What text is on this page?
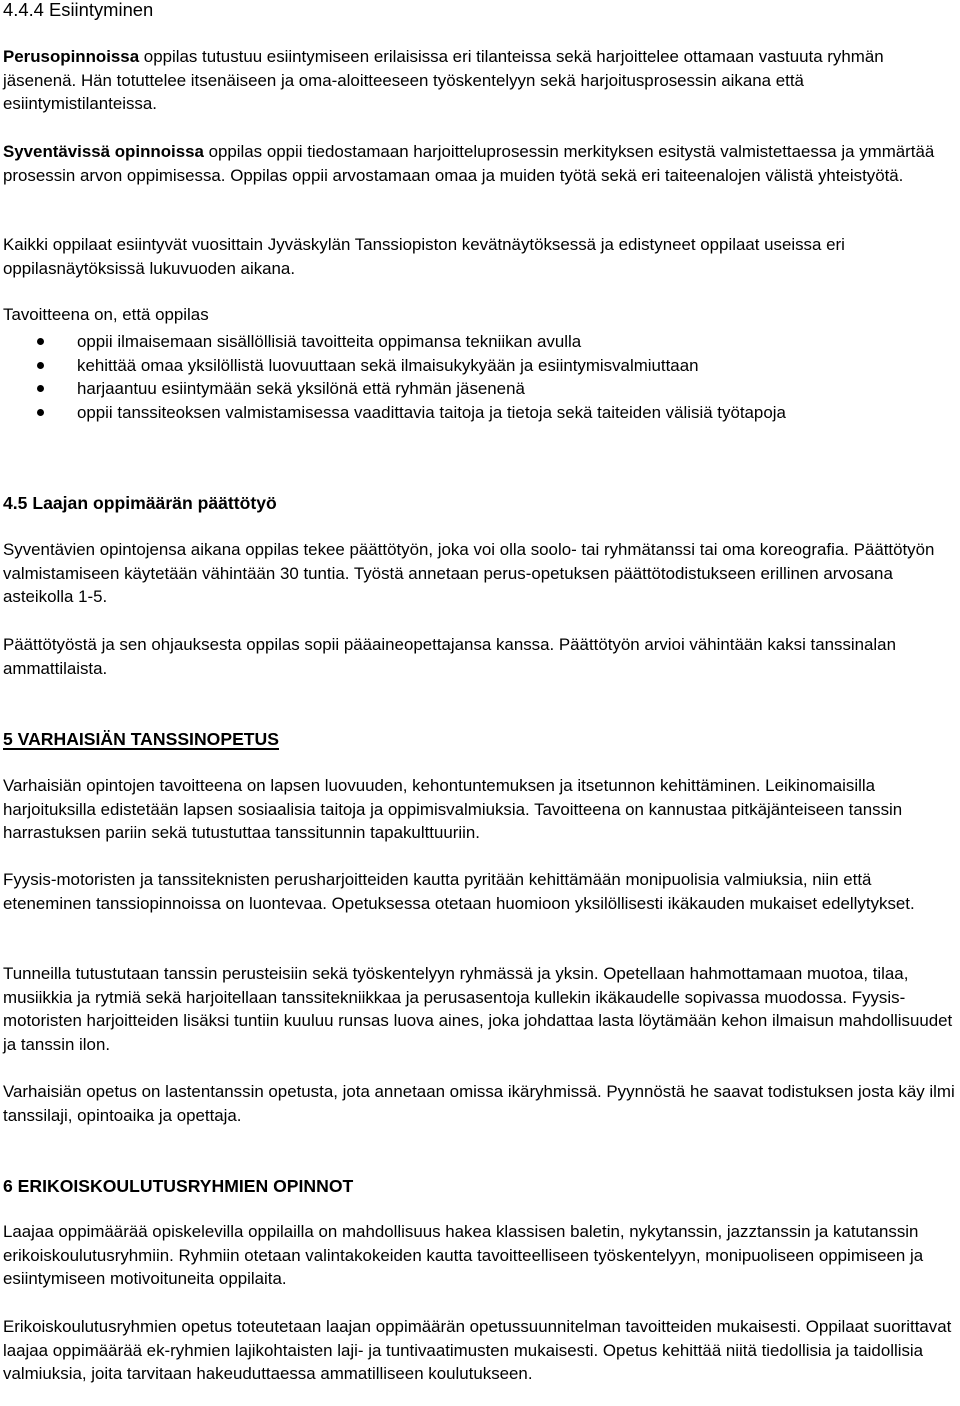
4.4.4 Esiintyminen
Perusopinnoissa oppilas tutustuu esiintymiseen erilaisissa eri tilanteissa sekä harjoittelee ottamaan vastuuta ryhmän jäsenenä. Hän totuttelee itsenäiseen ja oma-aloitteeseen työskentelyyn sekä harjoitusprosessin aikana että esiintymistilanteissa.
Syventävissä opinnoissa oppilas oppii tiedostamaan harjoitteluprosessin merkityksen esitystä valmistettaessa ja ymmärtää prosessin arvon oppimisessa. Oppilas oppii arvostamaan omaa ja muiden työtä sekä eri taiteenalojen välistä yhteistyötä.
Kaikki oppilaat esiintyvät vuosittain Jyväskylän Tanssiopiston kevätnäytöksessä ja edistyneet oppilaat useissa eri oppilasnäytöksissä lukuvuoden aikana.
Tavoitteena on, että oppilas
oppii ilmaisemaan sisällöllisiä tavoitteita oppimansa tekniikan avulla
kehittää omaa yksilöllistä luovuuttaan sekä ilmaisukykyään ja esiintymisvalmiuttaan
harjaantuu esiintymään sekä yksilönä että ryhmän jäsenenä
oppii tanssiteoksen valmistamisessa vaadittavia taitoja ja tietoja sekä taiteiden välisiä työtapoja
4.5 Laajan oppimäärän päättötyö
Syventävien opintojensa aikana oppilas tekee päättötyön, joka voi olla soolo- tai ryhmätanssi tai oma koreografia. Päättötyön valmistamiseen käytetään vähintään 30 tuntia. Työstä annetaan perus-opetuksen päättötodistukseen erillinen arvosana asteikolla 1-5.
Päättötyöstä ja sen ohjauksesta oppilas sopii pääaineopettajansa kanssa. Päättötyön arvioi vähintään kaksi tanssinalan ammattilaista.
5 VARHAISIÄN TANSSINOPETUS
Varhaisiän opintojen tavoitteena on lapsen luovuuden, kehontuntemuksen ja itsetunnon kehittäminen. Leikinomaisilla harjoituksilla edistetään lapsen sosiaalisia taitoja ja oppimisvalmiuksia. Tavoitteena on kannustaa pitkäjänteiseen tanssin harrastuksen pariin sekä tutustuttaa tanssitunnin tapakulttuuriin.
Fyysis-motoristen ja tanssiteknisten perusharjoitteiden kautta pyritään kehittämään monipuolisia valmiuksia, niin että eteneminen tanssiopinnoissa on luontevaa. Opetuksessa otetaan huomioon yksilöllisesti ikäkauden mukaiset edellytykset.
Tunneilla tutustutaan tanssin perusteisiin sekä työskentelyyn ryhmässä ja yksin. Opetellaan hahmottamaan muotoa, tilaa, musiikkia ja rytmiä sekä harjoitellaan tanssitekniikkaa ja perusasentoja kullekin ikäkaudelle sopivassa muodossa. Fyysis-motoristen harjoitteiden lisäksi tuntiin kuuluu runsas luova aines, joka johdattaa lasta löytämään kehon ilmaisun mahdollisuudet ja tanssin ilon.
Varhaisiän opetus on lastentanssin opetusta, jota annetaan omissa ikäryhmissä. Pyynnöstä he saavat todistuksen josta käy ilmi tanssilaji, opintoaika ja opettaja.
6 ERIKOISKOULUTUSRYHMIEN OPINNOT
Laajaa oppimäärää opiskelevilla oppilailla on mahdollisuus hakea klassisen baletin, nykytanssin, jazztanssin ja katutanssin erikoiskoulutusryhmiin. Ryhmiin otetaan valintakokeiden kautta tavoitteelliseen työskentelyyn, monipuoliseen oppimiseen ja esiintymiseen motivoituneita oppilaita.
Erikoiskoulutusryhmien opetus toteutetaan laajan oppimäärän opetussuunnitelman tavoitteiden mukaisesti. Oppilaat suorittavat laajaa oppimäärää ek-ryhmien lajikohtaisten laji- ja tuntivaatimusten mukaisesti. Opetus kehittää niitä tiedollisia ja taidollisia valmiuksia, joita tarvitaan hakeuduttaessa ammatilliseen koulutukseen.
